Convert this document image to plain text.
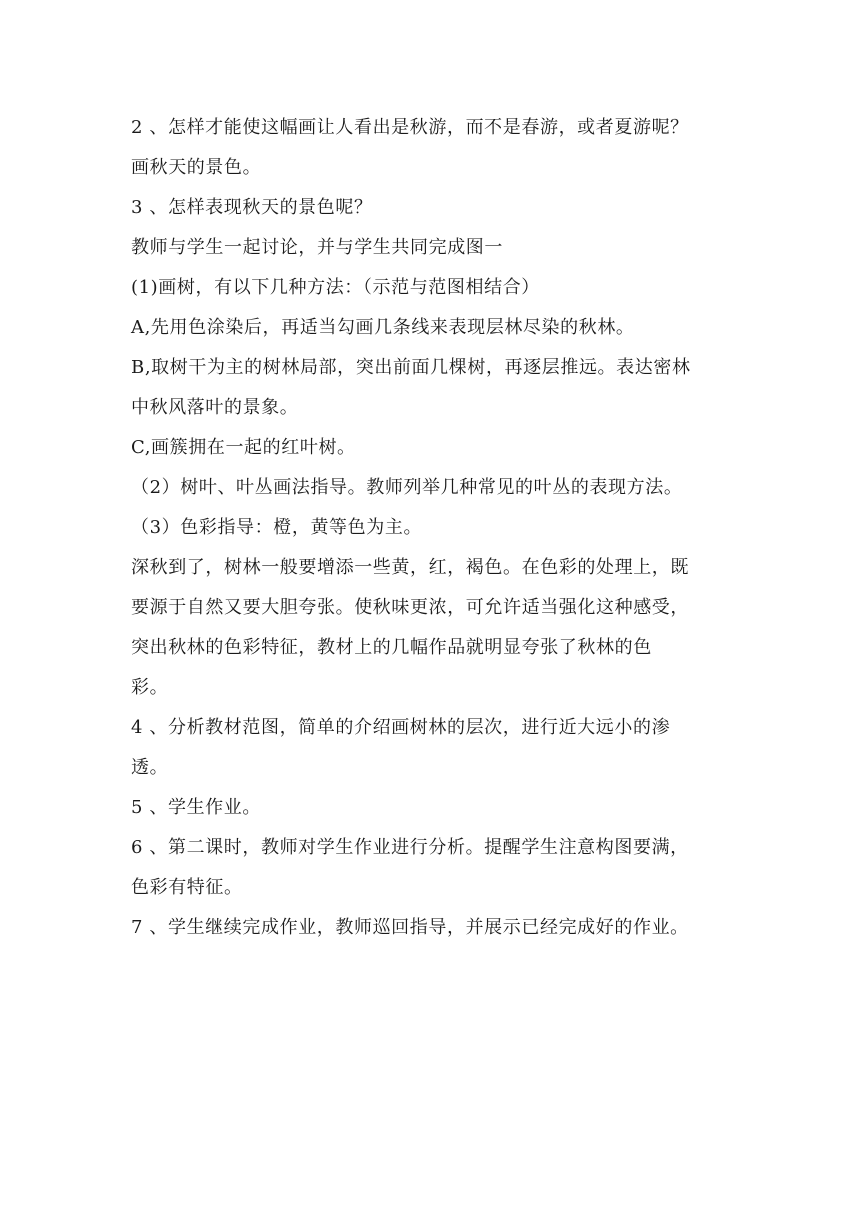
2 、怎样才能使这幅画让人看出是秋游，而不是春游，或者夏游呢？
画秋天的景色。
3 、怎样表现秋天的景色呢？
教师与学生一起讨论，并与学生共同完成图一
(1)画树，有以下几种方法：（示范与范图相结合）
A,先用色涂染后，再适当勾画几条线来表现层林尽染的秋林。
B,取树干为主的树林局部，突出前面几棵树，再逐层推远。表达密林
中秋风落叶的景象。
C,画簇拥在一起的红叶树。
（2）树叶、叶丛画法指导。教师列举几种常见的叶丛的表现方法。
（3）色彩指导：橙，黄等色为主。
深秋到了，树林一般要增添一些黄，红，褐色。在色彩的处理上，既
要源于自然又要大胆夸张。使秋味更浓，可允许适当强化这种感受，
突出秋林的色彩特征，教材上的几幅作品就明显夸张了秋林的色
彩。
4 、分析教材范图，简单的介绍画树林的层次，进行近大远小的渗
透。
5 、学生作业。
6 、第二课时，教师对学生作业进行分析。提醒学生注意构图要满，
色彩有特征。
7 、学生继续完成作业，教师巡回指导，并展示已经完成好的作业。
